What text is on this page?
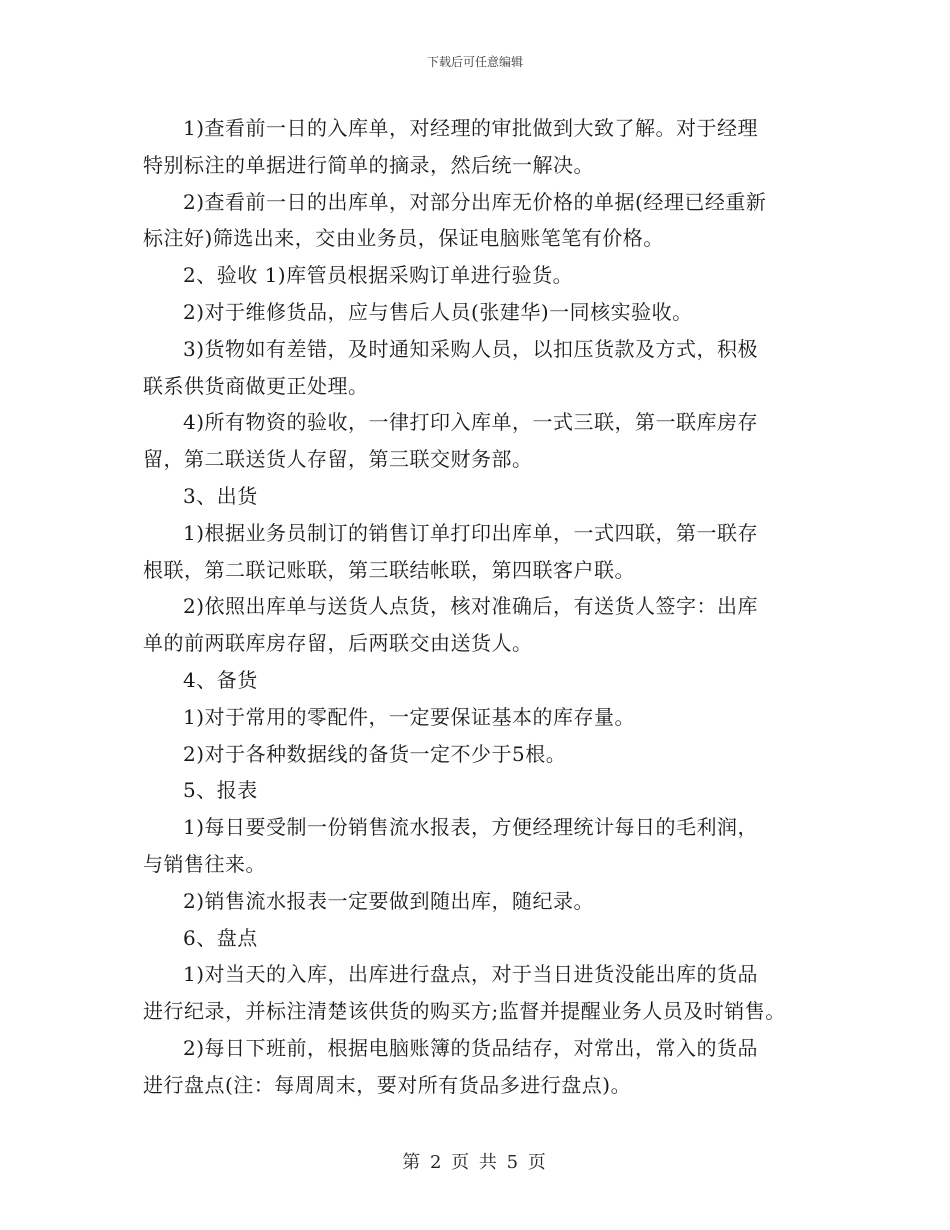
下载后可任意编辑

1)查看前一日的入库单，对经理的审批做到大致了解。对于经理
特别标注的单据进行简单的摘录，然后统一解决。

2)查看前一日的出库单，对部分出库无价格的单据(经理已经重新
标注好)筛选出来，交由业务员，保证电脑账笔笔有价格。

2、验收 1)库管员根据采购订单进行验货。

2)对于维修货品，应与售后人员(张建华)一同核实验收。

3)货物如有差错，及时通知采购人员，以扣压货款及方式，积极
联系供货商做更正处理。

4)所有物资的验收，一律打印入库单，一式三联，第一联库房存
留，第二联送货人存留，第三联交财务部。

3、出货

1)根据业务员制订的销售订单打印出库单，一式四联，第一联存
根联，第二联记账联，第三联结帐联，第四联客户联。

2)依照出库单与送货人点货，核对准确后，有送货人签字：出库
单的前两联库房存留，后两联交由送货人。

4、备货

1)对于常用的零配件，一定要保证基本的库存量。

2)对于各种数据线的备货一定不少于5根。

5、报表

1)每日要受制一份销售流水报表，方便经理统计每日的毛利润，
与销售往来。

2)销售流水报表一定要做到随出库，随纪录。

6、盘点

1)对当天的入库，出库进行盘点，对于当日进货没能出库的货品
进行纪录，并标注清楚该供货的购买方;监督并提醒业务人员及时销售。

2)每日下班前，根据电脑账簿的货品结存，对常出，常入的货品
进行盘点(注：每周周末，要对所有货品多进行盘点)。

第 2 页 共 5 页
